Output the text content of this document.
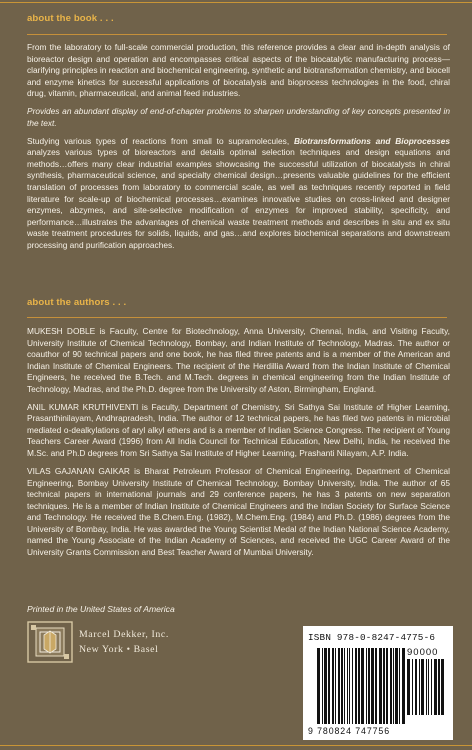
about the book . . .

From the laboratory to full-scale commercial production, this reference provides a clear and in-depth analysis of bioreactor design and operation and encompasses critical aspects of the biocatalytic manufacturing process—clarifying principles in reaction and biochemical engineering, synthetic and biotransformation chemistry, and biocell and enzyme kinetics for successful applications of biocatalysis and bioprocess technologies in the food, chiral drug, vitamin, pharmaceutical, and animal feed industries.

Provides an abundant display of end-of-chapter problems to sharpen understanding of key concepts presented in the text.

Studying various types of reactions from small to supramolecules, Biotransformations and Bioprocesses analyzes various types of bioreactors and details optimal selection techniques and design equations and methods…offers many clear industrial examples showcasing the successful utilization of biocatalysts in chiral synthesis, pharmaceutical science, and specialty chemical design…presents valuable guidelines for the efficient translation of processes from laboratory to commercial scale, as well as techniques recently reported in field literature for scale-up of biochemical processes…examines innovative studies on cross-linked and designer enzymes, abzymes, and site-selective modification of enzymes for improved stability, specificity, and performance…illustrates the advantages of chemical waste treatment methods and describes in situ and ex situ waste treatment procedures for solids, liquids, and gas…and explores biochemical separations and downstream processing and purification approaches.

about the authors . . .

MUKESH DOBLE is Faculty, Centre for Biotechnology, Anna University, Chennai, India, and Visiting Faculty, University Institute of Chemical Technology, Bombay, and Indian Institute of Technology, Madras. The author or coauthor of 90 technical papers and one book, he has filed three patents and is a member of the American and Indian Institute of Chemical Engineers. The recipient of the Herdillia Award from the Indian Institute of Chemical Engineers, he received the B.Tech. and M.Tech. degrees in chemical engineering from the Indian Institute of Technology, Madras, and the Ph.D. degree from the University of Aston, Birmingham, England.

ANIL KUMAR KRUTHIVENTI is Faculty, Department of Chemistry, Sri Sathya Sai Institute of Higher Learning, Prasanthinilayam, Andhrapradesh, India. The author of 12 technical papers, he has filed two patents in microbial mediated o-dealkylations of aryl alkyl ethers and is a member of Indian Science Congress. The recipient of Young Teachers Career Award (1996) from All India Council for Technical Education, New Delhi, India, he received the M.Sc. and Ph.D degrees from Sri Sathya Sai Institute of Higher Learning, Prashanti Nilayam, A.P. India.

VILAS GAJANAN GAIKAR is Bharat Petroleum Professor of Chemical Engineering, Department of Chemical Engineering, Bombay University Institute of Chemical Technology, Bombay University, India. The author of 65 technical papers in international journals and 29 conference papers, he has 3 patents on new separation techniques. He is a member of Indian Institute of Chemical Engineers and the Indian Society for Surface Science and Technology. He received the B.Chem.Eng. (1982), M.Chem.Eng. (1984) and Ph.D. (1986) degrees from the University of Bombay, India. He was awarded the Young Scientist Medal of the Indian National Science Academy, named the Young Associate of the Indian Academy of Sciences, and received the UGC Career Award of the University Grants Commission and Best Teacher Award of Mumbai University.

Printed in the United States of America
Marcel Dekker, Inc.
New York • Basel
ISBN 978-0-8247-4775-6
90000
9 780824 747756
